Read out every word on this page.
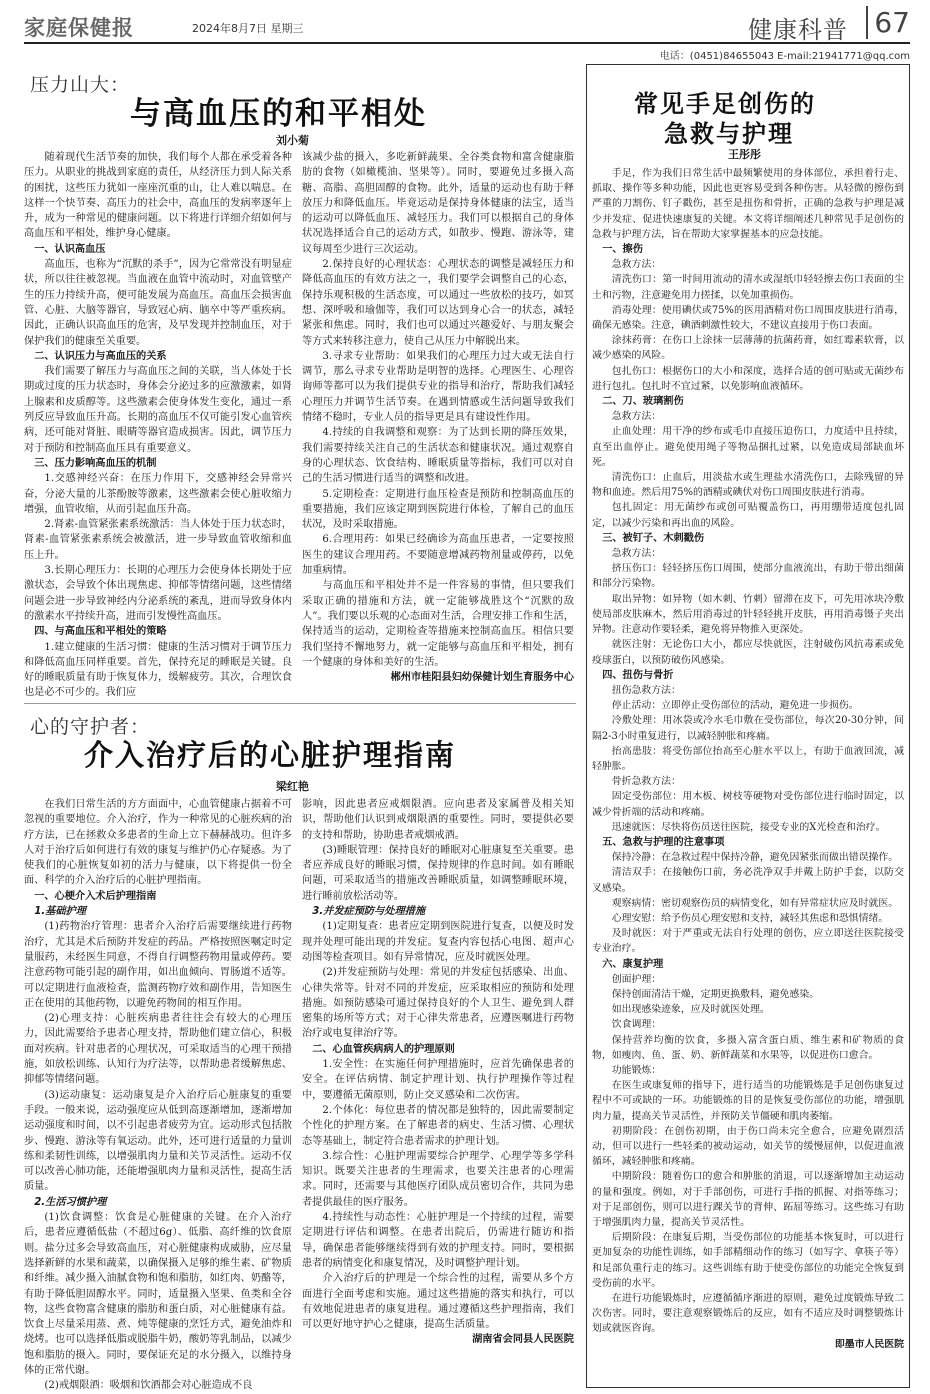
家庭保健报	2024年8月7日 星期三	健康科普 67
电话：(0451)84655043 E-mail:21941771@qq.com
压力山大：
与高血压的和平相处
刘小菊

随着现代生活节奏的加快，我们每个人都在承受着各种压力。从职业的挑战到家庭的责任，从经济压力到人际关系的困扰，这些压力犹如一座座沉重的山，让人难以喘息。在这样一个快节奏、高压力的社会中，高血压的发病率逐年上升，成为一种常见的健康问题。以下将进行详细介绍如何与高血压和平相处，维护身心健康。

一、认识高血压

高血压，也称为“沉默的杀手”，因为它常常没有明显症状，所以往往被忽视。当血液在血管中流动时，对血管壁产生的压力持续升高，便可能发展为高血压。高血压会损害血管、心脏、大脑等器官，导致冠心病、脑卒中等严重疾病。因此，正确认识高血压的危害，及早发现并控制血压，对于保护我们的健康至关重要。

二、认识压力与高血压的关系

我们需要了解压力与高血压之间的关联，当人体处于长期或过度的压力状态时，身体会分泌过多的应激激素，如肾上腺素和皮质醇等。这些激素会使身体发生变化，通过一系列反应导致血压升高。长期的高血压不仅可能引发心血管疾病，还可能对肾脏、眼睛等器官造成损害。因此，调节压力对于预防和控制高血压具有重要意义。

三、压力影响高血压的机制

1.交感神经兴奋：在压力作用下，交感神经会异常兴奋，分泌大量的儿茶酚胺等激素，这些激素会使心脏收缩力增强，血管收缩，从而引起血压升高。

2.肾素-血管紧张素系统激活：当人体处于压力状态时，肾素-血管紧张素系统会被激活，进一步导致血管收缩和血压上升。

3.长期心理压力：长期的心理压力会使身体长期处于应激状态，会导致个体出现焦虑、抑郁等情绪问题，这些情绪问题会进一步导致神经内分泌系统的紊乱，进而导致身体内的激素水平持续升高，进而引发慢性高血压。

四、与高血压和平相处的策略

1.建立健康的生活习惯：健康的生活习惯对于调节压力和降低高血压同样重要。首先，保持充足的睡眠是关键。良好的睡眠质量有助于恢复体力，缓解疲劳。其次，合理饮食也是必不可少的。我们应

该减少盐的摄入，多吃新鲜蔬果、全谷类食物和富含健康脂肪的食物（如橄榄油、坚果等）。同时，要避免过多摄入高糖、高脂、高胆固醇的食物。此外，适量的运动也有助于释放压力和降低血压。毕竟运动是保持身体健康的法宝，适当的运动可以降低血压、减轻压力。我们可以根据自己的身体状况选择适合自己的运动方式，如散步、慢跑、游泳等，建议每周至少进行三次运动。

2.保持良好的心理状态：心理状态的调整是减轻压力和降低高血压的有效方法之一，我们要学会调整自己的心态，保持乐观积极的生活态度，可以通过一些放松的技巧，如冥想、深呼吸和瑜伽等，我们可以达到身心合一的状态，减轻紧张和焦虑。同时，我们也可以通过兴趣爱好、与朋友聚会等方式来转移注意力，使自己从压力中解脱出来。

3.寻求专业帮助：如果我们的心理压力过大或无法自行调节，那么寻求专业帮助是明智的选择。心理医生、心理咨询师等都可以为我们提供专业的指导和治疗，帮助我们减轻心理压力并调节生活节奏。在遇到情感或生活问题导致我们情绪不稳时，专业人员的指导更是具有建设性作用。

4.持续的自我调整和观察：为了达到长期的降压效果，我们需要持续关注自己的生活状态和健康状况。通过观察自身的心理状态、饮食结构、睡眠质量等指标，我们可以对自己的生活习惯进行适当的调整和改进。

5.定期检查：定期进行血压检查是预防和控制高血压的重要措施，我们应该定期到医院进行体检，了解自己的血压状况，及时采取措施。

6.合理用药：如果已经确诊为高血压患者，一定要按照医生的建议合理用药。不要随意增减药物剂量或停药，以免加重病情。

与高血压和平相处并不是一件容易的事情，但只要我们采取正确的措施和方法，就一定能够战胜这个“沉默的敌人”。我们要以乐观的心态面对生活，合理安排工作和生活，保持适当的运动，定期检查等措施来控制高血压。相信只要我们坚持不懈地努力，就一定能够与高血压和平相处，拥有一个健康的身体和美好的生活。

郴州市桂阳县妇幼保健计划生育服务中心

心的守护者：
介入治疗后的心脏护理指南
梁红艳

在我们日常生活的方方面面中，心血管健康占据着不可忽视的重要地位。介入治疗，作为一种常见的心脏疾病的治疗方法，已在拯救众多患者的生命上立下赫赫战功。但许多人对于治疗后如何进行有效的康复与维护仍心存疑惑。为了使我们的心脏恢复如初的活力与健康，以下将提供一份全面、科学的介入治疗后的心脏护理指南。

一、心梗介入术后护理指南
1.基础护理

(1)药物治疗管理：患者介入治疗后需要继续进行药物治疗，尤其是术后预防并发症的药品。严格按照医嘱定时定量服药，未经医生同意，不得自行调整药物用量或停药。要注意药物可能引起的副作用，如出血倾向、胃肠道不适等。可以定期进行血液检查，监测药物疗效和副作用，告知医生正在使用的其他药物，以避免药物间的相互作用。

(2)心理支持：心脏疾病患者往往会有较大的心理压力，因此需要给予患者心理支持，帮助他们建立信心，积极面对疾病。针对患者的心理状况，可采取适当的心理干预措施，如放松训练、认知行为疗法等，以帮助患者缓解焦虑、抑郁等情绪问题。

(3)运动康复：运动康复是介入治疗后心脏康复的重要手段。一般来说，运动强度应从低到高逐渐增加，逐渐增加运动强度和时间，以不引起患者疲劳为宜。运动形式包括散步、慢跑、游泳等有氧运动。此外，还可进行适量的力量训练和柔韧性训练，以增强肌肉力量和关节灵活性。运动不仅可以改善心肺功能，还能增强肌肉力量和灵活性，提高生活质量。

2.生活习惯护理

(1)饮食调整：饮食是心脏健康的关键。在介入治疗后，患者应遵循低盐（不超过6g）、低脂、高纤维的饮食原则。盐分过多会导致高血压，对心脏健康构成威胁，应尽量选择新鲜的水果和蔬菜，以确保摄入足够的维生素、矿物质和纤维。减少摄入油腻食物和饱和脂肪，如红肉、奶酪等，有助于降低胆固醇水平。同时，适量摄入坚果、鱼类和全谷物，这些食物富含健康的脂肪和蛋白质，对心脏健康有益。饮食上尽量采用蒸、煮、炖等健康的烹饪方式，避免油炸和烧烤。也可以选择低脂或脱脂牛奶，酸奶等乳制品，以减少饱和脂肪的摄入。同时，要保证充足的水分摄入，以维持身体的正常代谢。

(2)戒烟限酒：吸烟和饮酒都会对心脏造成不良

影响，因此患者应戒烟限酒。应向患者及家属普及相关知识，帮助他们认识到戒烟限酒的重要性。同时，要提供必要的支持和帮助，协助患者戒烟戒酒。

(3)睡眠管理：保持良好的睡眠对心脏康复至关重要。患者应养成良好的睡眠习惯，保持规律的作息时间。如有睡眠问题，可采取适当的措施改善睡眠质量，如调整睡眠环境，进行睡前放松活动等。

3.并发症预防与处理措施

(1)定期复查：患者应定期到医院进行复查，以便及时发现并处理可能出现的并发症。复查内容包括心电图、超声心动图等检查项目。如有异常情况，应及时就医处理。

(2)并发症预防与处理：常见的并发症包括感染、出血、心律失常等。针对不同的并发症，应采取相应的预防和处理措施。如预防感染可通过保持良好的个人卫生、避免到人群密集的场所等方式；对于心律失常患者，应遵医嘱进行药物治疗或电复律治疗等。

二、心血管疾病病人的护理原则

1.安全性：在实施任何护理措施时，应首先确保患者的安全。在评估病情、制定护理计划、执行护理操作等过程中，要遵循无菌原则，防止交叉感染和二次伤害。

2.个体化：每位患者的情况都是独特的，因此需要制定个性化的护理方案。在了解患者的病史、生活习惯、心理状态等基础上，制定符合患者需求的护理计划。

3.综合性：心脏护理需要综合护理学、心理学等多学科知识。既要关注患者的生理需求，也要关注患者的心理需求。同时，还需要与其他医疗团队成员密切合作，共同为患者提供最佳的医疗服务。

4.持续性与动态性：心脏护理是一个持续的过程，需要定期进行评估和调整。在患者出院后，仍需进行随访和指导，确保患者能够继续得到有效的护理支持。同时，要根据患者的病情变化和康复情况，及时调整护理计划。

介入治疗后的护理是一个综合性的过程，需要从多个方面进行全面考虑和实施。通过这些措施的落实和执行，可以有效地促进患者的康复进程。通过遵循这些护理指南，我们可以更好地守护心之健康，提高生活质量。

湖南省会同县人民医院

常见手足创伤的
急救与护理
王彤彤

手足，作为我们日常生活中最频繁使用的身体部位，承担着行走、抓取、操作等多种功能，因此也更容易受到各种伤害。从轻微的擦伤到严重的刀割伤、钉子戳伤，甚至是扭伤和骨折，正确的急救与护理是减少并发症、促进快速康复的关键。本文将详细阐述几种常见手足创伤的急救与护理方法，旨在帮助大家掌握基本的应急技能。

一、擦伤

急救方法：

清洗伤口：第一时间用流动的清水或湿纸巾轻轻擦去伤口表面的尘土和污物，注意避免用力搓揉，以免加重损伤。

消毒处理：使用碘伏或75%的医用酒精对伤口周围皮肤进行消毒，确保无感染。注意，碘酒刺激性较大，不建议直接用于伤口表面。

涂抹药膏：在伤口上涂抹一层薄薄的抗菌药膏，如红霉素软膏，以减少感染的风险。

包扎伤口：根据伤口的大小和深度，选择合适的创可贴或无菌纱布进行包扎。包扎时不宜过紧，以免影响血液循环。

二、刀、玻璃割伤

急救方法：

止血处理：用干净的纱布或毛巾直接压迫伤口，力度适中且持续，直至出血停止。避免使用绳子等物品捆扎过紧，以免造成局部缺血坏死。

清洗伤口：止血后，用淡盐水或生理盐水清洗伤口，去除残留的异物和血迹。然后用75%的酒精或碘伏对伤口周围皮肤进行消毒。

包扎固定：用无菌纱布或创可贴覆盖伤口，再用绷带适度包扎固定，以减少污染和再出血的风险。

三、被钉子、木刺戳伤

急救方法：

挤压伤口：轻轻挤压伤口周围，使部分血液流出，有助于带出细菌和部分污染物。

取出异物：如异物（如木刺、竹刺）留滞在皮下，可先用冰块冷敷使局部皮肤麻木，然后用消毒过的针轻轻挑开皮肤，再用消毒镊子夹出异物。注意动作要轻柔，避免将异物推入更深处。

就医注射：无论伤口大小，都应尽快就医，注射破伤风抗毒素或免疫球蛋白，以预防破伤风感染。

四、扭伤与骨折

扭伤急救方法：

停止活动：立即停止受伤部位的活动，避免进一步损伤。

冷敷处理：用冰袋或冷水毛巾敷在受伤部位，每次20-30分钟，间隔2-3小时重复进行，以减轻肿胀和疼痛。

抬高患肢：将受伤部位抬高至心脏水平以上，有助于血液回流，减轻肿胀。

骨折急救方法：

固定受伤部位：用木板、树枝等硬物对受伤部位进行临时固定，以减少骨折端的活动和疼痛。

迅速就医：尽快将伤员送往医院，接受专业的X光检查和治疗。

五、急救与护理的注意事项

保持冷静：在急救过程中保持冷静，避免因紧张而做出错误操作。

清洁双手：在接触伤口前，务必洗净双手并戴上防护手套，以防交叉感染。

观察病情：密切观察伤员的病情变化，如有异常症状应及时就医。

心理安慰：给予伤员心理安慰和支持，减轻其焦虑和恐惧情绪。

及时就医：对于严重或无法自行处理的创伤，应立即送往医院接受专业治疗。

六、康复护理

创面护理：

保持创面清洁干燥，定期更换敷料，避免感染。

如出现感染迹象，应及时就医处理。

饮食调理：

保持营养均衡的饮食，多摄入富含蛋白质、维生素和矿物质的食物，如瘦肉、鱼、蛋、奶、新鲜蔬菜和水果等，以促进伤口愈合。

功能锻炼：

在医生或康复师的指导下，进行适当的功能锻炼是手足创伤康复过程中不可或缺的一环。功能锻炼的目的是恢复受伤部位的功能，增强肌肉力量，提高关节灵活性，并预防关节僵硬和肌肉萎缩。

初期阶段：在创伤初期，由于伤口尚未完全愈合，应避免剧烈活动，但可以进行一些轻柔的被动运动，如关节的缓慢屈伸，以促进血液循环，减轻肿胀和疼痛。

中期阶段：随着伤口的愈合和肿胀的消退，可以逐渐增加主动运动的量和强度。例如，对于手部创伤，可进行手指的抓握、对指等练习；对于足部创伤，则可以进行踝关节的背伸、跖屈等练习。这些练习有助于增强肌肉力量，提高关节灵活性。

后期阶段：在康复后期，当受伤部位的功能基本恢复时，可以进行更加复杂的功能性训练，如手部精细动作的练习（如写字、拿筷子等）和足部负重行走的练习。这些训练有助于使受伤部位的功能完全恢复到受伤前的水平。

在进行功能锻炼时，应遵循循序渐进的原则，避免过度锻炼导致二次伤害。同时，要注意观察锻炼后的反应，如有不适应及时调整锻炼计划或就医咨询。

即墨市人民医院
